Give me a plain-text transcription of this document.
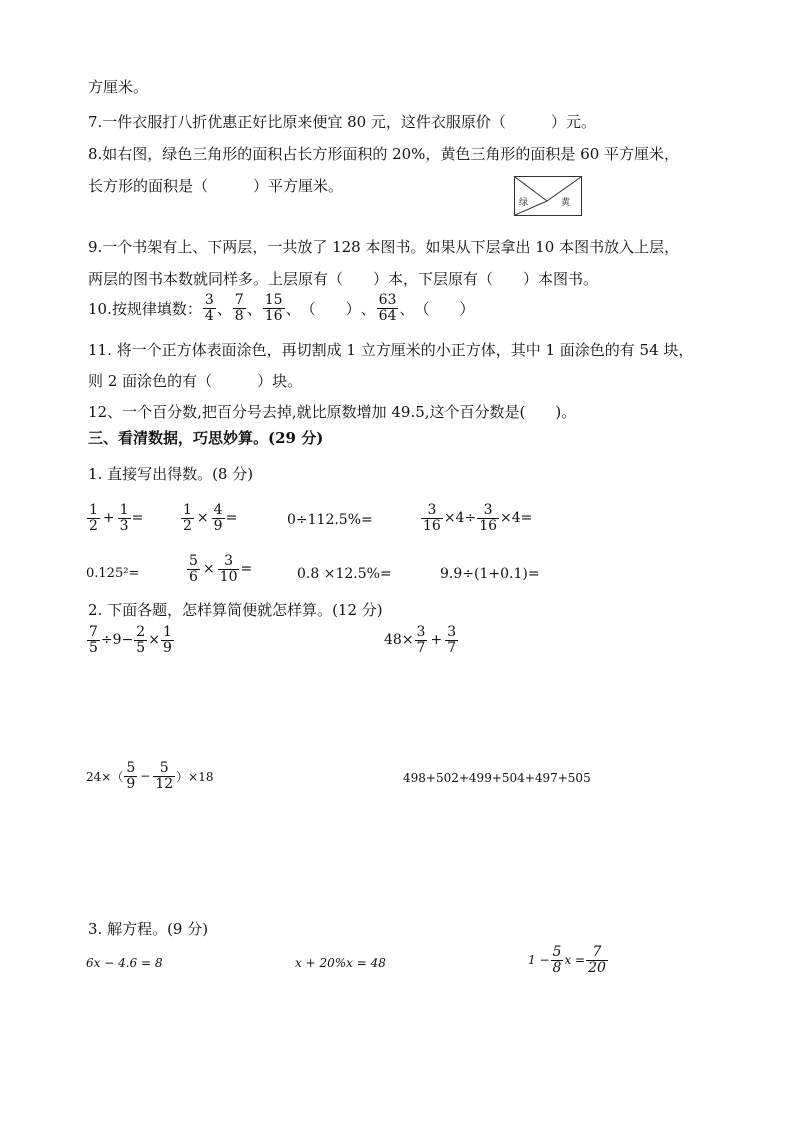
方厘米。
7.一件衣服打八折优惠正好比原来便宜 80 元，这件衣服原价（　　　）元。
8.如右图，绿色三角形的面积占长方形面积的 20%，黄色三角形的面积是 60 平方厘米，
长方形的面积是（　　　）平方厘米。
绿	黄
9.一个书架有上、下两层，一共放了 128 本图书。如果从下层拿出 10 本图书放入上层，
两层的图书本数就同样多。上层原有（　　）本，下层原有（　　）本图书。
10.按规律填数： $\frac{3}{4}$ 、 $\frac{7}{8}$ 、 $\frac{15}{16}$ 、 （　　） 、 $\frac{63}{64}$ 、 （　　）
11. 将一个正方体表面涂色，再切割成 1 立方厘米的小正方体，其中 1 面涂色的有 54 块，
则 2 面涂色的有（　　　）块。
12、一个百分数,把百分号去掉,就比原数增加 49.5,这个百分数是(　　)。
三、看清数据，巧思妙算。(29 分)
1. 直接写出得数。(8 分)
$\frac{1}{2} + \frac{1}{3}$ =	$\frac{1}{2} \times \frac{4}{9}$ =	0÷112.5%=	$\frac{3}{16} \times 4\div \frac{3}{16} \times 4=$
0.125²=	$\frac{5}{6} \times \frac{3}{10}$ =	0.8 ×12.5%=	9.9÷(1+0.1)=
2. 下面各题，怎样算简便就怎样算。(12 分)
$\frac{7}{5} \div 9- \frac{2}{5} \times \frac{1}{9}$	$48\times \frac{3}{7} + \frac{3}{7}$
$24\times( \frac{5}{9} - \frac{5}{12} )\times 18$	498+502+499+504+497+505
3. 解方程。(9 分)
6x − 4.6 = 8	x + 20%x = 48	$1 - \frac{5}{8}$ $x = \frac{7}{20}$
